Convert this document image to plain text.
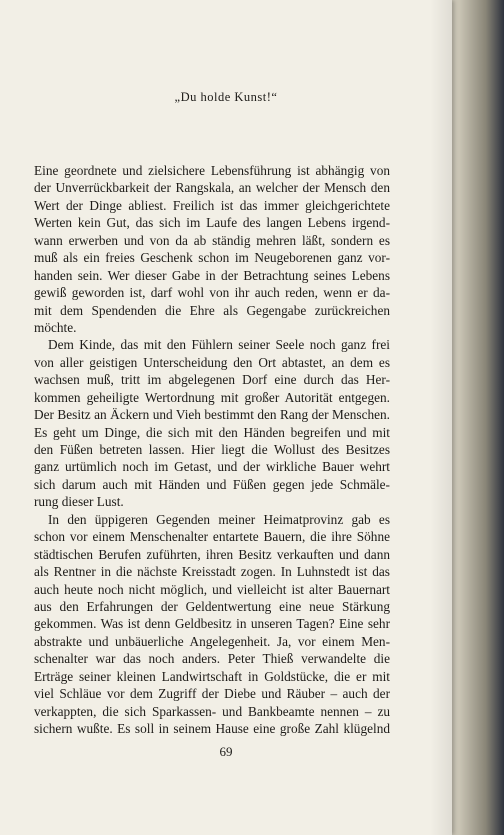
„Du holde Kunst!“
Eine geordnete und zielsichere Lebensführung ist abhängig von
der Unverrückbarkeit der Rangskala, an welcher der Mensch den
Wert der Dinge abliest. Freilich ist das immer gleichgerichtete
Werten kein Gut, das sich im Laufe des langen Lebens irgend-
wann erwerben und von da ab ständig mehren läßt, sondern es
muß als ein freies Geschenk schon im Neugeborenen ganz vor-
handen sein. Wer dieser Gabe in der Betrachtung seines Lebens
gewiß geworden ist, darf wohl von ihr auch reden, wenn er da-
mit dem Spendenden die Ehre als Gegengabe zurückreichen
möchte.
Dem Kinde, das mit den Fühlern seiner Seele noch ganz frei
von aller geistigen Unterscheidung den Ort abtastet, an dem es
wachsen muß, tritt im abgelegenen Dorf eine durch das Her-
kommen geheiligte Wertordnung mit großer Autorität entgegen.
Der Besitz an Äckern und Vieh bestimmt den Rang der Menschen.
Es geht um Dinge, die sich mit den Händen begreifen und mit
den Füßen betreten lassen. Hier liegt die Wollust des Besitzes
ganz urtümlich noch im Getast, und der wirkliche Bauer wehrt
sich darum auch mit Händen und Füßen gegen jede Schmäle-
rung dieser Lust.
In den üppigeren Gegenden meiner Heimatprovinz gab es
schon vor einem Menschenalter entartete Bauern, die ihre Söhne
städtischen Berufen zuführten, ihren Besitz verkauften und dann
als Rentner in die nächste Kreisstadt zogen. In Luhnstedt ist das
auch heute noch nicht möglich, und vielleicht ist alter Bauernart
aus den Erfahrungen der Geldentwertung eine neue Stärkung
gekommen. Was ist denn Geldbesitz in unseren Tagen? Eine sehr
abstrakte und unbäuerliche Angelegenheit. Ja, vor einem Men-
schenalter war das noch anders. Peter Thieß verwandelte die
Erträge seiner kleinen Landwirtschaft in Goldstücke, die er mit
viel Schläue vor dem Zugriff der Diebe und Räuber – auch der
verkappten, die sich Sparkassen- und Bankbeamte nennen – zu
sichern wußte. Es soll in seinem Hause eine große Zahl klügelnd
69
